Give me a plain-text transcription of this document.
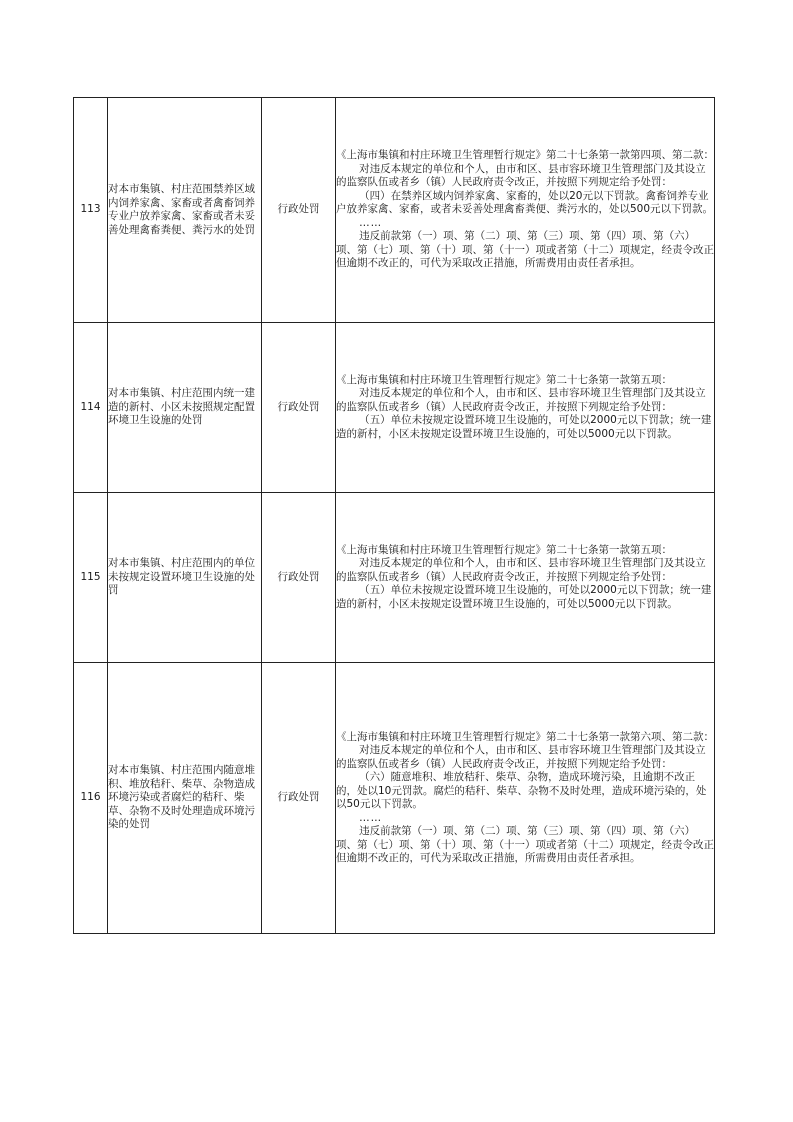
113	对本市集镇、村庄范围禁养区域内饲养家禽、家畜或者禽畜饲养专业户放养家禽、家畜或者未妥善处理禽畜粪便、粪污水的处罚	行政处罚	《上海市集镇和村庄环境卫生管理暂行规定》第二十七条第一款第四项、第二款：
对违反本规定的单位和个人，由市和区、县市容环境卫生管理部门及其设立的监察队伍或者乡（镇）人民政府责令改正，并按照下列规定给予处罚：
（四）在禁养区域内饲养家禽、家畜的，处以20元以下罚款。禽畜饲养专业户放养家禽、家畜，或者未妥善处理禽畜粪便、粪污水的，处以500元以下罚款。
……
违反前款第（一）项、第（二）项、第（三）项、第（四）项、第（六）项、第（七）项、第（十）项、第（十一）项或者第（十二）项规定，经责令改正但逾期不改正的，可代为采取改正措施，所需费用由责任者承担。

114	对本市集镇、村庄范围内统一建造的新村、小区未按照规定配置环境卫生设施的处罚	行政处罚	《上海市集镇和村庄环境卫生管理暂行规定》第二十七条第一款第五项：
对违反本规定的单位和个人，由市和区、县市容环境卫生管理部门及其设立的监察队伍或者乡（镇）人民政府责令改正，并按照下列规定给予处罚：
（五）单位未按规定设置环境卫生设施的，可处以2000元以下罚款；统一建造的新村，小区未按规定设置环境卫生设施的，可处以5000元以下罚款。

115	对本市集镇、村庄范围内的单位未按规定设置环境卫生设施的处罚	行政处罚	《上海市集镇和村庄环境卫生管理暂行规定》第二十七条第一款第五项：
对违反本规定的单位和个人，由市和区、县市容环境卫生管理部门及其设立的监察队伍或者乡（镇）人民政府责令改正，并按照下列规定给予处罚：
（五）单位未按规定设置环境卫生设施的，可处以2000元以下罚款；统一建造的新村，小区未按规定设置环境卫生设施的，可处以5000元以下罚款。

116	对本市集镇、村庄范围内随意堆积、堆放秸秆、柴草、杂物造成环境污染或者腐烂的秸秆、柴草、杂物不及时处理造成环境污染的处罚	行政处罚	《上海市集镇和村庄环境卫生管理暂行规定》第二十七条第一款第六项、第二款：
对违反本规定的单位和个人，由市和区、县市容环境卫生管理部门及其设立的监察队伍或者乡（镇）人民政府责令改正，并按照下列规定给予处罚：
（六）随意堆积、堆放秸秆、柴草、杂物，造成环境污染，且逾期不改正的，处以10元罚款。腐烂的秸秆、柴草、杂物不及时处理，造成环境污染的，处以50元以下罚款。
……
违反前款第（一）项、第（二）项、第（三）项、第（四）项、第（六）项、第（七）项、第（十）项、第（十一）项或者第（十二）项规定，经责令改正但逾期不改正的，可代为采取改正措施，所需费用由责任者承担。
